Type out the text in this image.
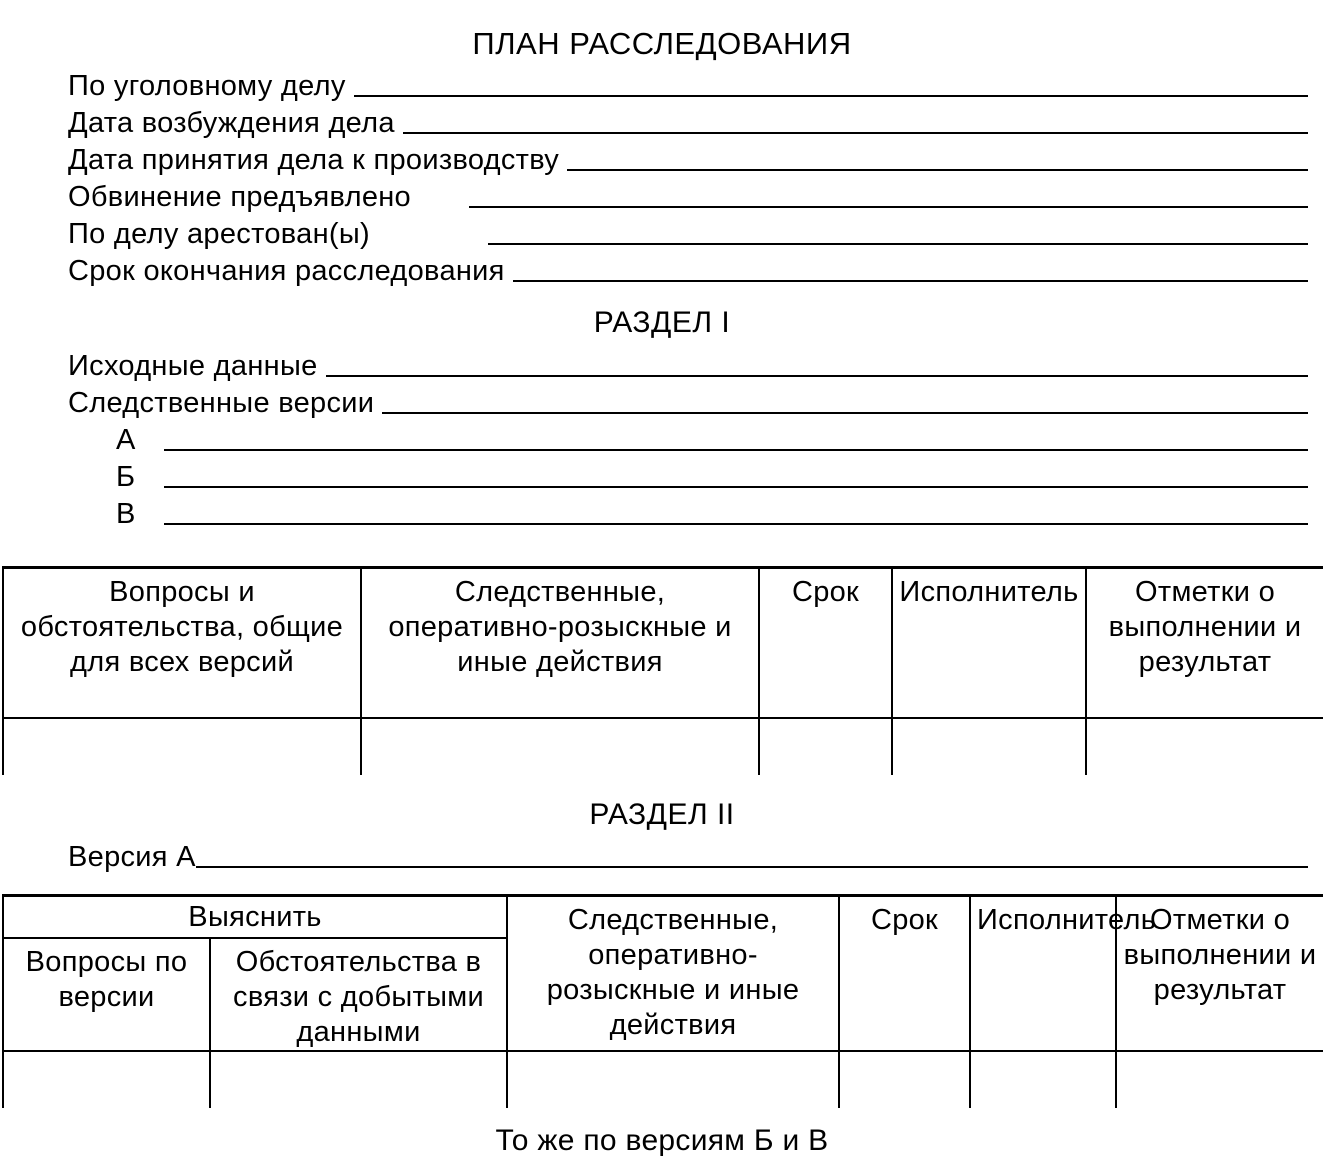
ПЛАН РАССЛЕДОВАНИЯ
По уголовному делу
Дата возбуждения дела
Дата принятия дела к производству
Обвинение предъявлено
По делу арестован(ы)
Срок окончания расследования
РАЗДЕЛ I
Исходные данные
Следственные версии
А
Б
В
Вопросы и обстоятельства, общие для всех версий	Следственные, оперативно-розыскные и иные действия	Срок	Исполнитель	Отметки о выполнении и результат

РАЗДЕЛ II
Версия А
Выяснить		Следственные, оперативно-розыскные и иные действия	Срок	Исполнитель	Отметки о выполнении и результат
Вопросы по версии	Обстоятельства в связи с добытыми данными				

То же по версиям Б и В
